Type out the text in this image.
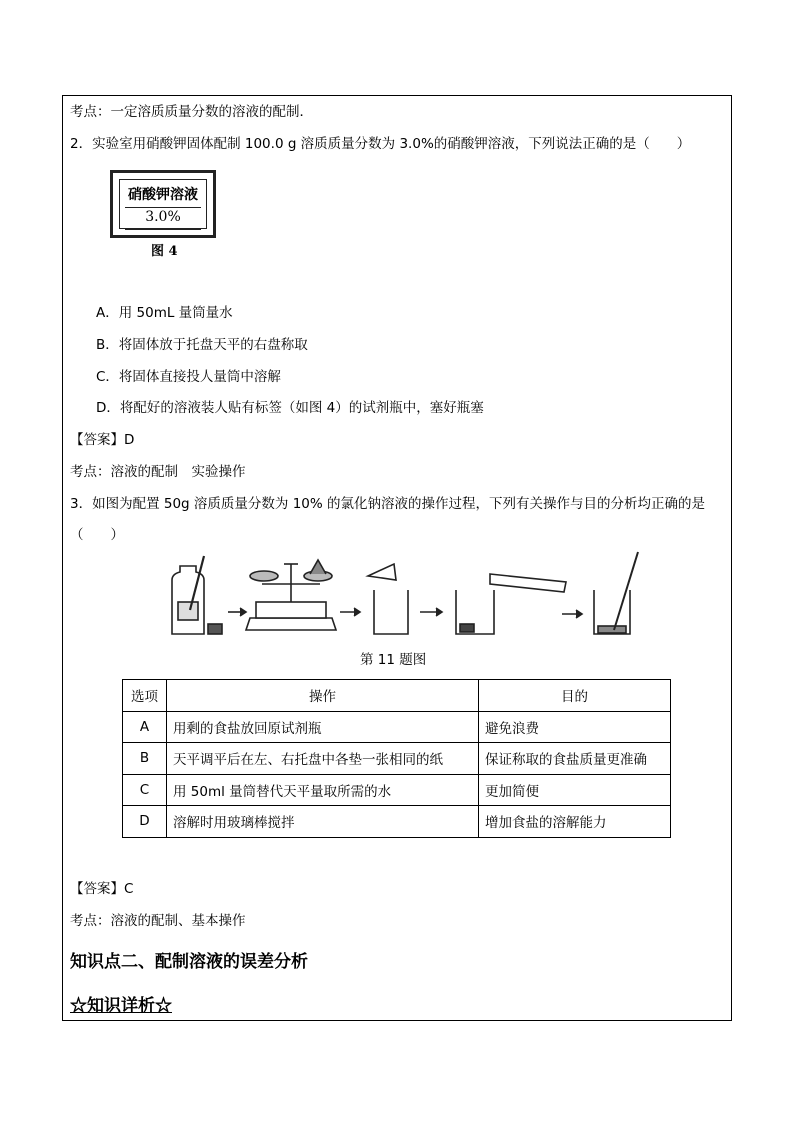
考点：一定溶质质量分数的溶液的配制．
2．实验室用硝酸钾固体配制 100.0 g 溶质质量分数为 3.0%的硝酸钾溶液，下列说法正确的是（　　）
硝酸钾溶液
3.0%
图 4
A．用 50mL 量筒量水
B．将固体放于托盘天平的右盘称取
C．将固体直接投人量筒中溶解
D．将配好的溶液装人贴有标签（如图 4）的试剂瓶中，塞好瓶塞
【答案】D
考点：溶液的配制　实验操作
3．如图为配置 50g 溶质质量分数为 10% 的氯化钠溶液的操作过程，下列有关操作与目的分析均正确的是
（　　）
第 11 题图
选项	操作	目的
A	用剩的食盐放回原试剂瓶	避免浪费
B	天平调平后在左、右托盘中各垫一张相同的纸	保证称取的食盐质量更准确
C	用 50ml 量筒替代天平量取所需的水	更加简便
D	溶解时用玻璃棒搅拌	增加食盐的溶解能力
【答案】C
考点：溶液的配制、基本操作
知识点二、配制溶液的误差分析
☆知识详析☆
